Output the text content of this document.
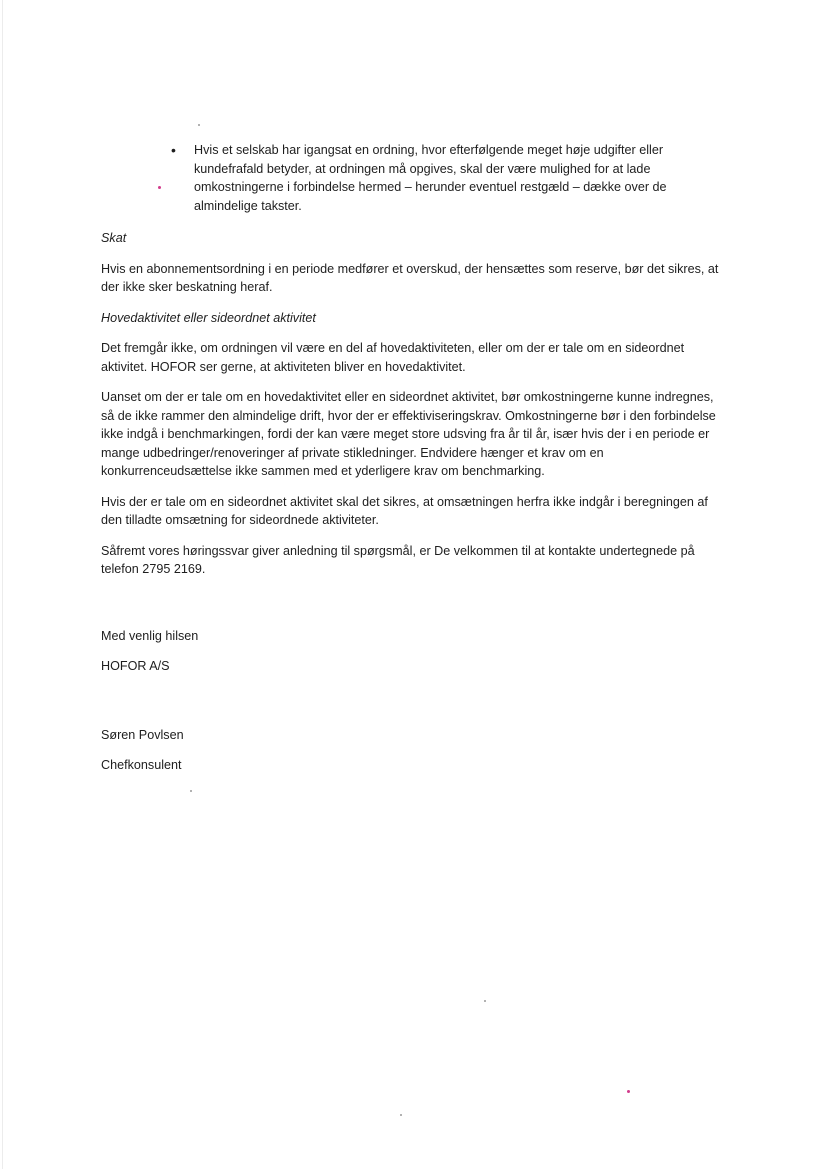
• Hvis et selskab har igangsat en ordning, hvor efterfølgende meget høje udgifter eller kundefrafald betyder, at ordningen må opgives, skal der være mulighed for at lade omkostningerne i forbindelse hermed – herunder eventuel restgæld – dække over de almindelige takster.

Skat

Hvis en abonnementsordning i en periode medfører et overskud, der hensættes som reserve, bør det sikres, at der ikke sker beskatning heraf.

Hovedaktivitet eller sideordnet aktivitet

Det fremgår ikke, om ordningen vil være en del af hovedaktiviteten, eller om der er tale om en sideordnet aktivitet. HOFOR ser gerne, at aktiviteten bliver en hovedaktivitet.

Uanset om der er tale om en hovedaktivitet eller en sideordnet aktivitet, bør omkostningerne kunne indregnes, så de ikke rammer den almindelige drift, hvor der er effektiviseringskrav. Omkostningerne bør i den forbindelse ikke indgå i benchmarkingen, fordi der kan være meget store udsving fra år til år, især hvis der i en periode er mange udbedringer/renoveringer af private stikledninger. Endvidere hænger et krav om en konkurrenceudsættelse ikke sammen med et yderligere krav om benchmarking.

Hvis der er tale om en sideordnet aktivitet skal det sikres, at omsætningen herfra ikke indgår i beregningen af den tilladte omsætning for sideordnede aktiviteter.

Såfremt vores høringssvar giver anledning til spørgsmål, er De velkommen til at kontakte undertegnede på telefon 2795 2169.

Med venlig hilsen

HOFOR A/S

Søren Povlsen

Chefkonsulent
